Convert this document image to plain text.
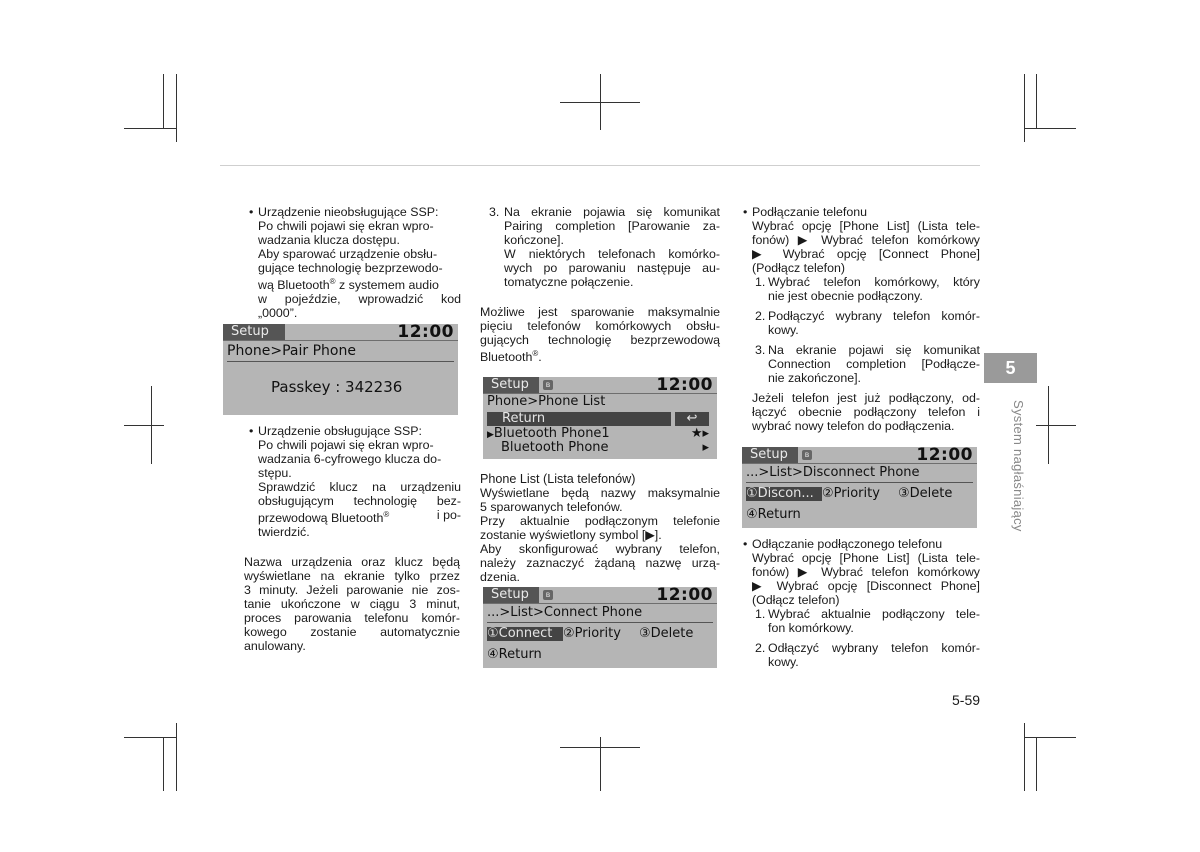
• Urządzenie nieobsługujące SSP:

Po chwili pojawi się ekran wpro-

wadzania klucza dostępu.

Aby sparować urządzenie obsłu-

gujące technologię bezprzewodo-

wą Bluetooth® z systemem audio

w pojeździe, wprowadzić kod

„0000”.

Setup	12:00
Phone>Pair Phone
Passkey : 342236
• Urządzenie obsługujące SSP:

Po chwili pojawi się ekran wpro-

wadzania 6-cyfrowego klucza do-

stępu.

Sprawdzić klucz na urządzeniu

obsługującym technologię bez-

przewodową Bluetooth®	i po-

twierdzić.

Nazwa urządzenia oraz klucz będą

wyświetlane na ekranie tylko przez

3 minuty. Jeżeli parowanie nie zos-

tanie ukończone w ciągu 3 minut,

proces parowania telefonu komór-

kowego zostanie automatycznie

anulowany.

3. Na ekranie pojawia się komunikat

Pairing completion [Parowanie za-

kończone].

W niektórych telefonach komórko-

wych po parowaniu następuje au-

tomatyczne połączenie.

Możliwe jest sparowanie maksymalnie

pięciu telefonów komórkowych obsłu-

gujących technologię bezprzewodową

Bluetooth®.

Setup	ʙ	12:00
Phone>Phone List
Return	↩
▶Bluetooth Phone1	★▸
Bluetooth Phone	▸

Phone List (Lista telefonów)

Wyświetlane będą nazwy maksymalnie

5 sparowanych telefonów.

Przy aktualnie podłączonym telefonie

zostanie wyświetlony symbol [▶].

Aby skonfigurować wybrany telefon,

należy zaznaczyć żądaną nazwę urzą-

dzenia.

Setup	ʙ	12:00
...>List>Connect Phone
①Connect ②Priority ③Delete
④Return
• Podłączanie telefonu

Wybrać opcję [Phone List] (Lista tele-

fonów) ▶ Wybrać telefon komórkowy

▶ Wybrać opcję [Connect Phone]

(Podłącz telefon)

1. Wybrać telefon komórkowy, który

nie jest obecnie podłączony.

2. Podłączyć wybrany telefon komór-

kowy.

3. Na ekranie pojawi się komunikat

Connection completion [Podłącze-

nie zakończone].

Jeżeli telefon jest już podłączony, od-

łączyć obecnie podłączony telefon i

wybrać nowy telefon do podłączenia.

Setup	ʙ	12:00
...>List>Disconnect Phone
①Discon... ②Priority ③Delete
④Return
• Odłączanie podłączonego telefonu

Wybrać opcję [Phone List] (Lista tele-

fonów) ▶ Wybrać telefon komórkowy

▶ Wybrać opcję [Disconnect Phone]

(Odłącz telefon)

1. Wybrać aktualnie podłączony tele-

fon komórkowy.

2. Odłączyć wybrany telefon komór-

kowy.

5
System nagłaśniający
5-59
